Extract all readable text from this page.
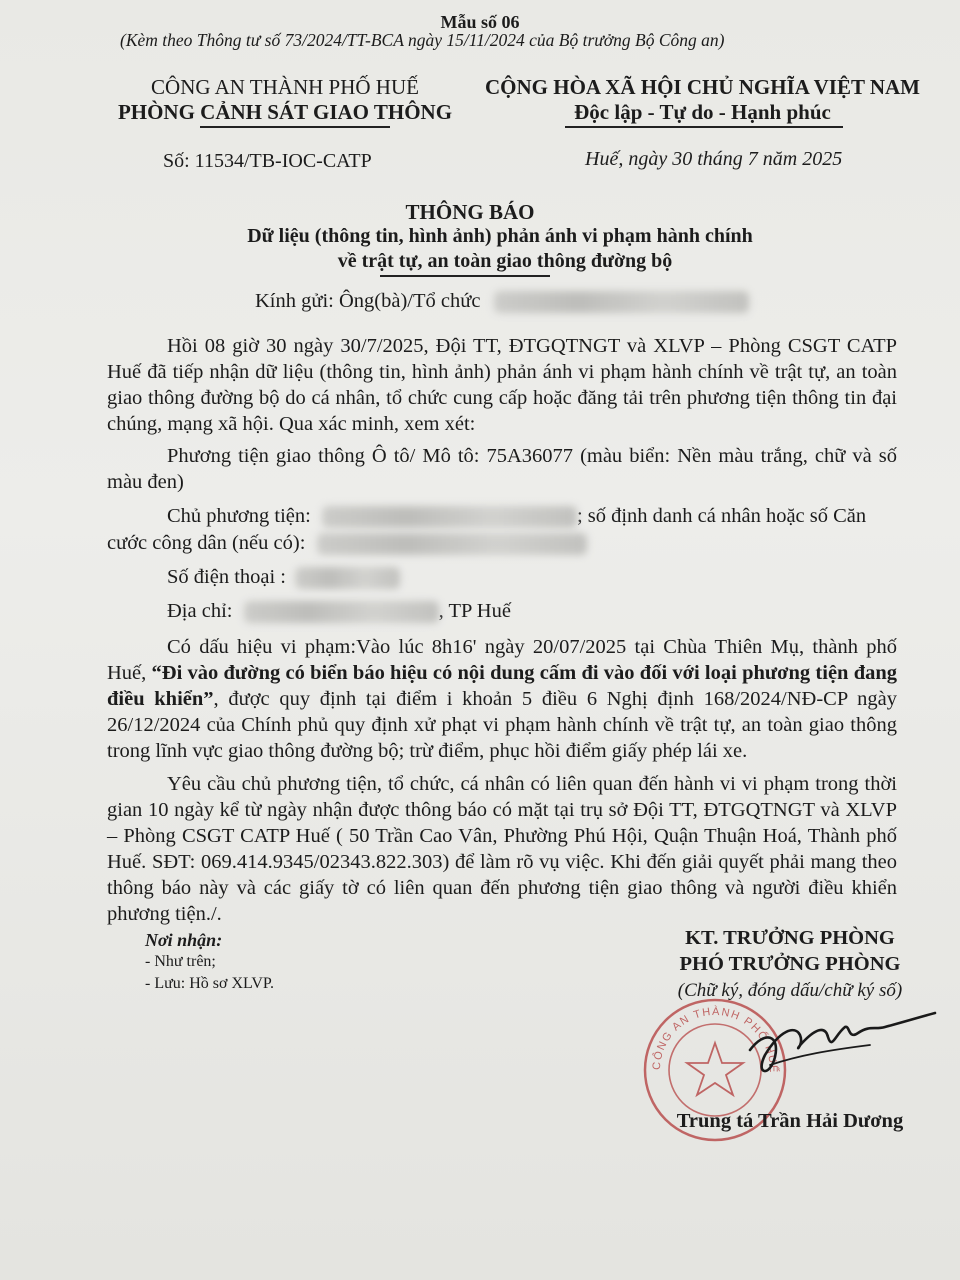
Mẫu số 06
(Kèm theo Thông tư số 73/2024/TT-BCA ngày 15/11/2024 của Bộ trưởng Bộ Công an)
CÔNG AN THÀNH PHỐ HUẾ
PHÒNG CẢNH SÁT GIAO THÔNG
CỘNG HÒA XÃ HỘI CHỦ NGHĨA VIỆT NAM
Độc lập - Tự do - Hạnh phúc
Số: 11534/TB-IOC-CATP	Huế, ngày 30 tháng 7 năm 2025
THÔNG BÁO
Dữ liệu (thông tin, hình ảnh) phản ánh vi phạm hành chính
về trật tự, an toàn giao thông đường bộ
Kính gửi: Ông(bà)/Tổ chức
Hồi 08 giờ 30 ngày 30/7/2025, Đội TT, ĐTGQTNGT và XLVP – Phòng CSGT CATP Huế đã tiếp nhận dữ liệu (thông tin, hình ảnh) phản ánh vi phạm hành chính về trật tự, an toàn giao thông đường bộ do cá nhân, tổ chức cung cấp hoặc đăng tải trên phương tiện thông tin đại chúng, mạng xã hội. Qua xác minh, xem xét:
Phương tiện giao thông Ô tô/ Mô tô: 75A36077 (màu biển: Nền màu trắng, chữ và số màu đen)
Chủ phương tiện:	; số định danh cá nhân hoặc số Căn
cước công dân (nếu có):
Số điện thoại :
Địa chỉ:	, TP Huế
Có dấu hiệu vi phạm:Vào lúc 8h16' ngày 20/07/2025 tại Chùa Thiên Mụ, thành phố Huế, “Đi vào đường có biển báo hiệu có nội dung cấm đi vào đối với loại phương tiện đang điều khiển”, được quy định tại điểm i khoản 5 điều 6 Nghị định 168/2024/NĐ-CP ngày 26/12/2024 của Chính phủ quy định xử phạt vi phạm hành chính về trật tự, an toàn giao thông trong lĩnh vực giao thông đường bộ; trừ điểm, phục hồi điểm giấy phép lái xe.
Yêu cầu chủ phương tiện, tổ chức, cá nhân có liên quan đến hành vi vi phạm trong thời gian 10 ngày kể từ ngày nhận được thông báo có mặt tại trụ sở Đội TT, ĐTGQTNGT và XLVP – Phòng CSGT CATP Huế ( 50 Trần Cao Vân, Phường Phú Hội, Quận Thuận Hoá, Thành phố Huế. SĐT: 069.414.9345/02343.822.303) để làm rõ vụ việc. Khi đến giải quyết phải mang theo thông báo này và các giấy tờ có liên quan đến phương tiện giao thông và người điều khiển phương tiện./.
Nơi nhận:
- Như trên;
- Lưu: Hồ sơ XLVP.
KT. TRƯỞNG PHÒNG
PHÓ TRƯỞNG PHÒNG
(Chữ ký, đóng dấu/chữ ký số)
CÔNG AN THÀNH PHỐ HUẾ
Trung tá Trần Hải Dương
